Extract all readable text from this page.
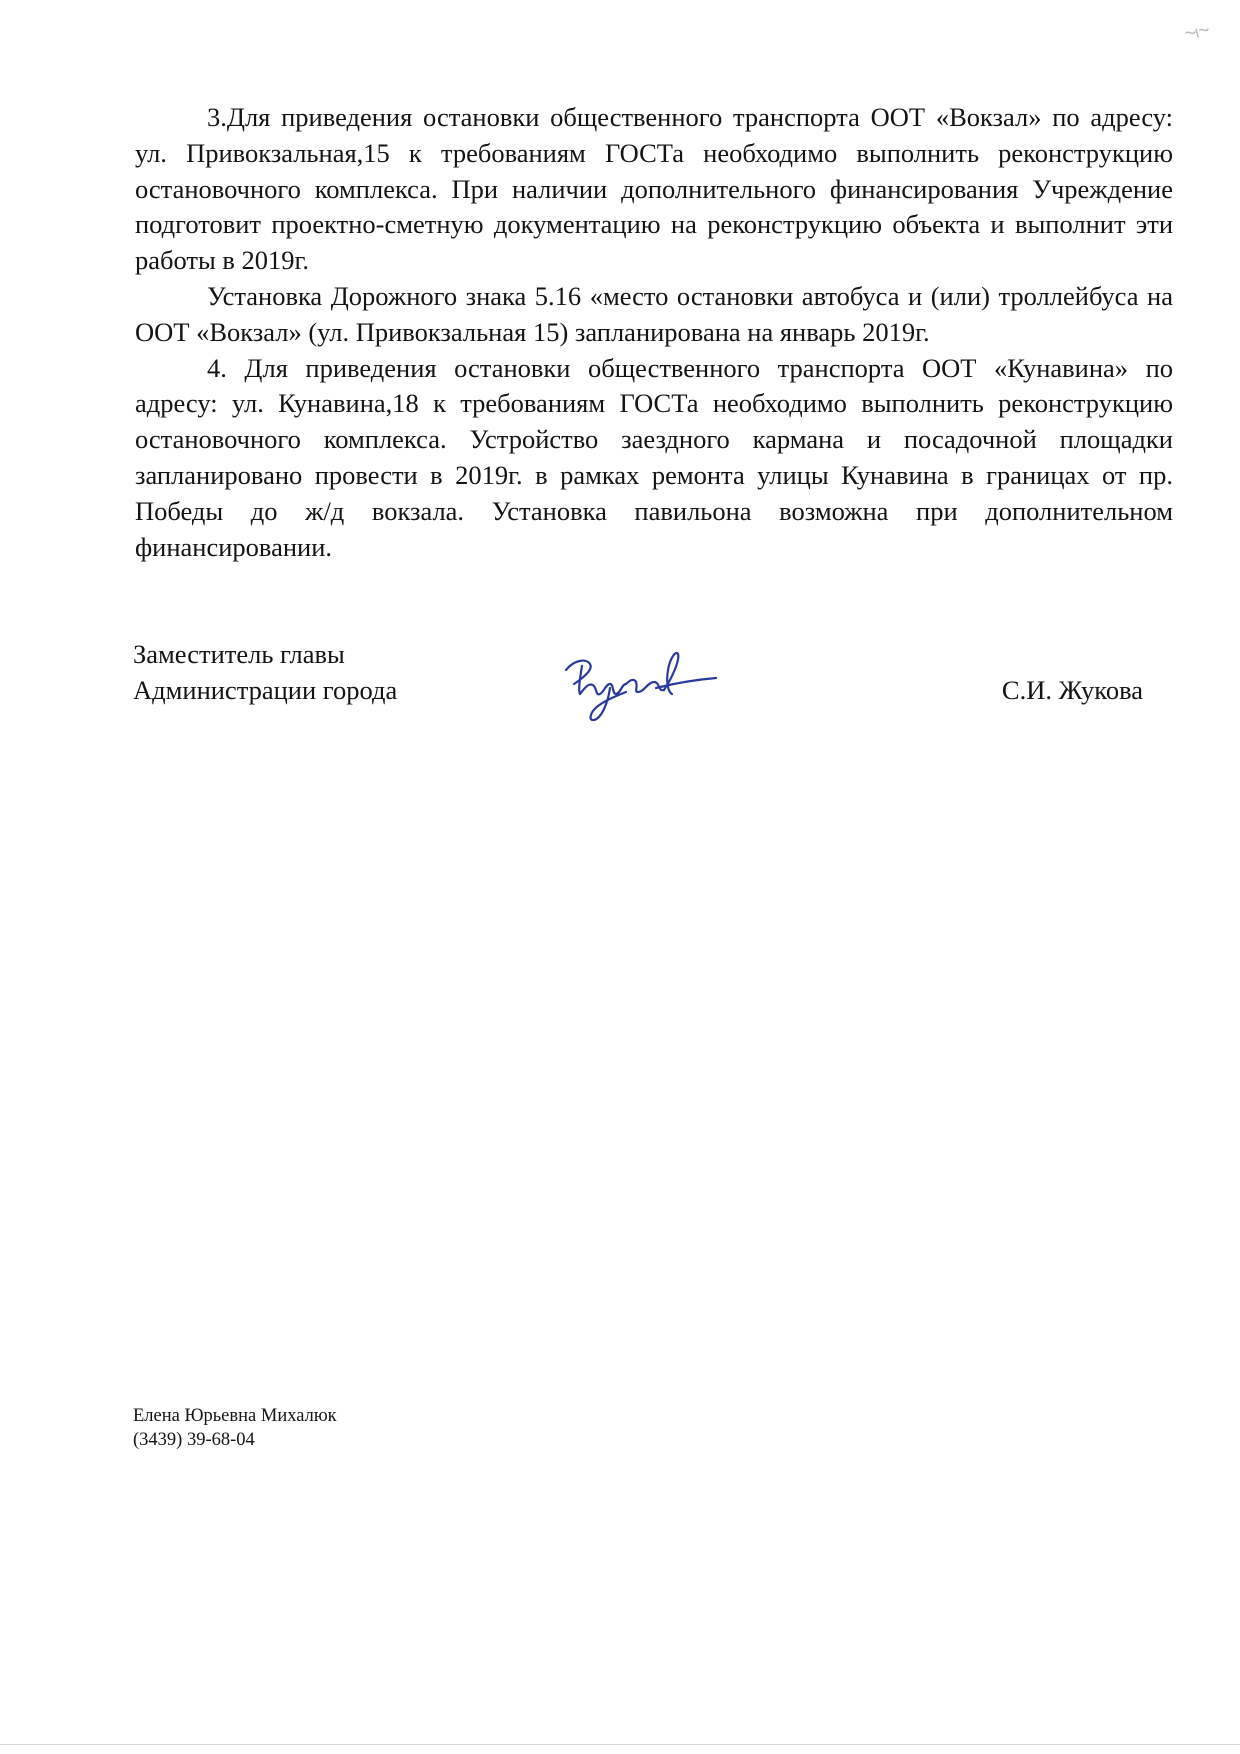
3.Для приведения остановки общественного транспорта ООТ «Вокзал» по адресу: ул. Привокзальная,15 к требованиям ГОСТа необходимо выполнить реконструкцию остановочного комплекса. При наличии дополнительного финансирования Учреждение подготовит проектно-сметную документацию на реконструкцию объекта и выполнит эти работы в 2019г.

Установка Дорожного знака 5.16 «место остановки автобуса и (или) троллейбуса на ООТ «Вокзал» (ул. Привокзальная 15) запланирована на январь 2019г.

4. Для приведения остановки общественного транспорта ООТ «Кунавина» по адресу: ул. Кунавина,18 к требованиям ГОСТа необходимо выполнить реконструкцию остановочного комплекса. Устройство заездного кармана и посадочной площадки запланировано провести в 2019г. в рамках ремонта улицы Кунавина в границах от пр. Победы до ж/д вокзала. Установка павильона возможна при дополнительном финансировании.

Заместитель главы
Администрации города	С.И. Жукова
Елена Юрьевна Михалюк
(3439) 39-68-04
